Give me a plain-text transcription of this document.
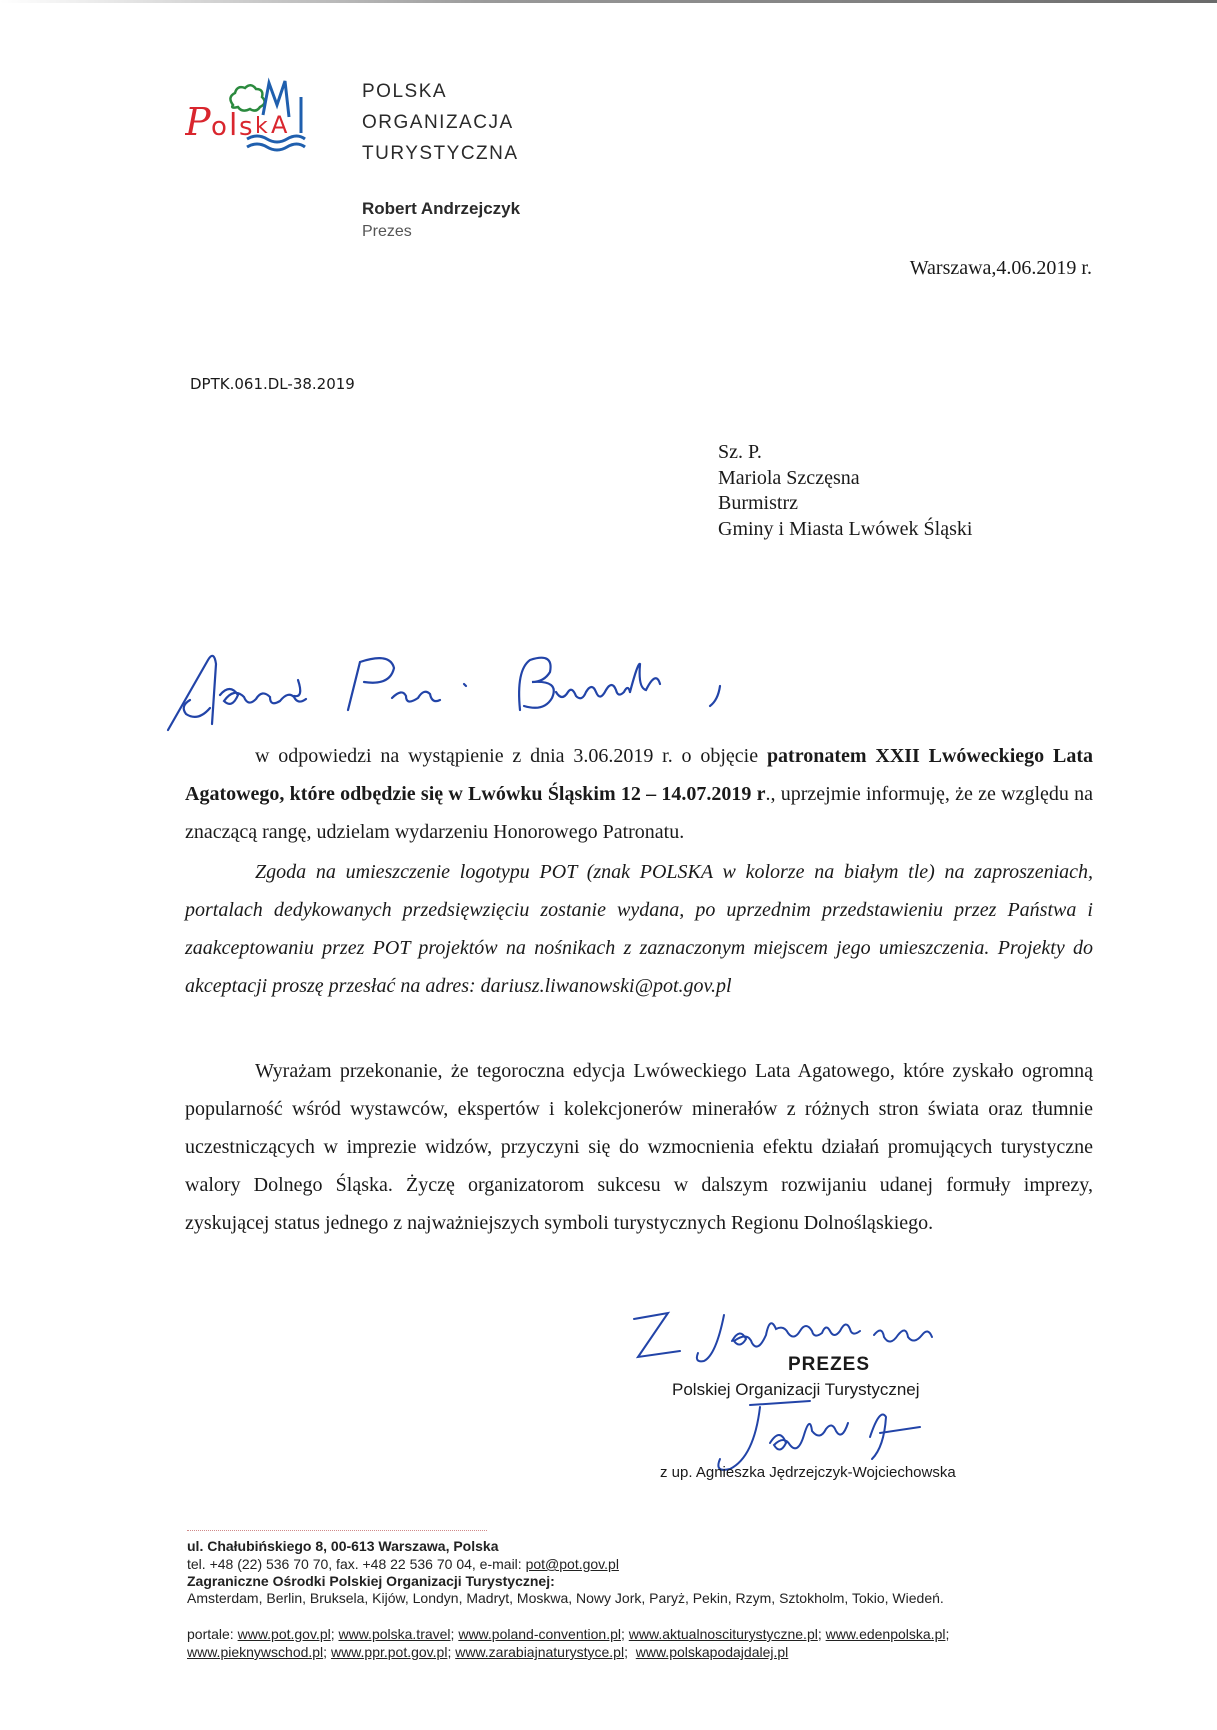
P o l s k A
POLSKA
ORGANIZACJA
TURYSTYCZNA
Robert Andrzejczyk
Prezes
Warszawa,4.06.2019 r.
DPTK.061.DL-38.2019
Sz. P.
Mariola Szczęsna
Burmistrz
Gminy i Miasta Lwówek Śląski
w odpowiedzi na wystąpienie z dnia 3.06.2019 r. o objęcie patronatem XXII Lwóweckiego Lata Agatowego, które odbędzie się w Lwówku Śląskim 12 – 14.07.2019 r., uprzejmie informuję, że ze względu na znaczącą rangę, udzielam wydarzeniu Honorowego Patronatu.
Zgoda na umieszczenie logotypu POT (znak POLSKA w kolorze na białym tle) na zaproszeniach, portalach dedykowanych przedsięwzięciu zostanie wydana, po uprzednim przedstawieniu przez Państwa i zaakceptowaniu przez POT projektów na nośnikach z zaznaczonym miejscem jego umieszczenia. Projekty do akceptacji proszę przesłać na adres: dariusz.liwanowski@pot.gov.pl
Wyrażam przekonanie, że tegoroczna edycja Lwóweckiego Lata Agatowego, które zyskało ogromną popularność wśród wystawców, ekspertów i kolekcjonerów minerałów z różnych stron świata oraz tłumnie uczestniczących w imprezie widzów, przyczyni się do wzmocnienia efektu działań promujących turystyczne walory Dolnego Śląska. Życzę organizatorom sukcesu w dalszym rozwijaniu udanej formuły imprezy, zyskującej status jednego z najważniejszych symboli turystycznych Regionu Dolnośląskiego.
PREZES
Polskiej Organizacji Turystycznej
z up. Agnieszka Jędrzejczyk-Wojciechowska
ul. Chałubińskiego 8, 00-613 Warszawa, Polska
tel. +48 (22) 536 70 70, fax. +48 22 536 70 04, e-mail: pot@pot.gov.pl
Zagraniczne Ośrodki Polskiej Organizacji Turystycznej:
Amsterdam, Berlin, Bruksela, Kijów, Londyn, Madryt, Moskwa, Nowy Jork, Paryż, Pekin, Rzym, Sztokholm, Tokio, Wiedeń.
portale: www.pot.gov.pl; www.polska.travel; www.poland-convention.pl; www.aktualnosciturystyczne.pl; www.edenpolska.pl;
www.pieknywschod.pl; www.ppr.pot.gov.pl; www.zarabiajnaturystyce.pl;  www.polskapodajdalej.pl
